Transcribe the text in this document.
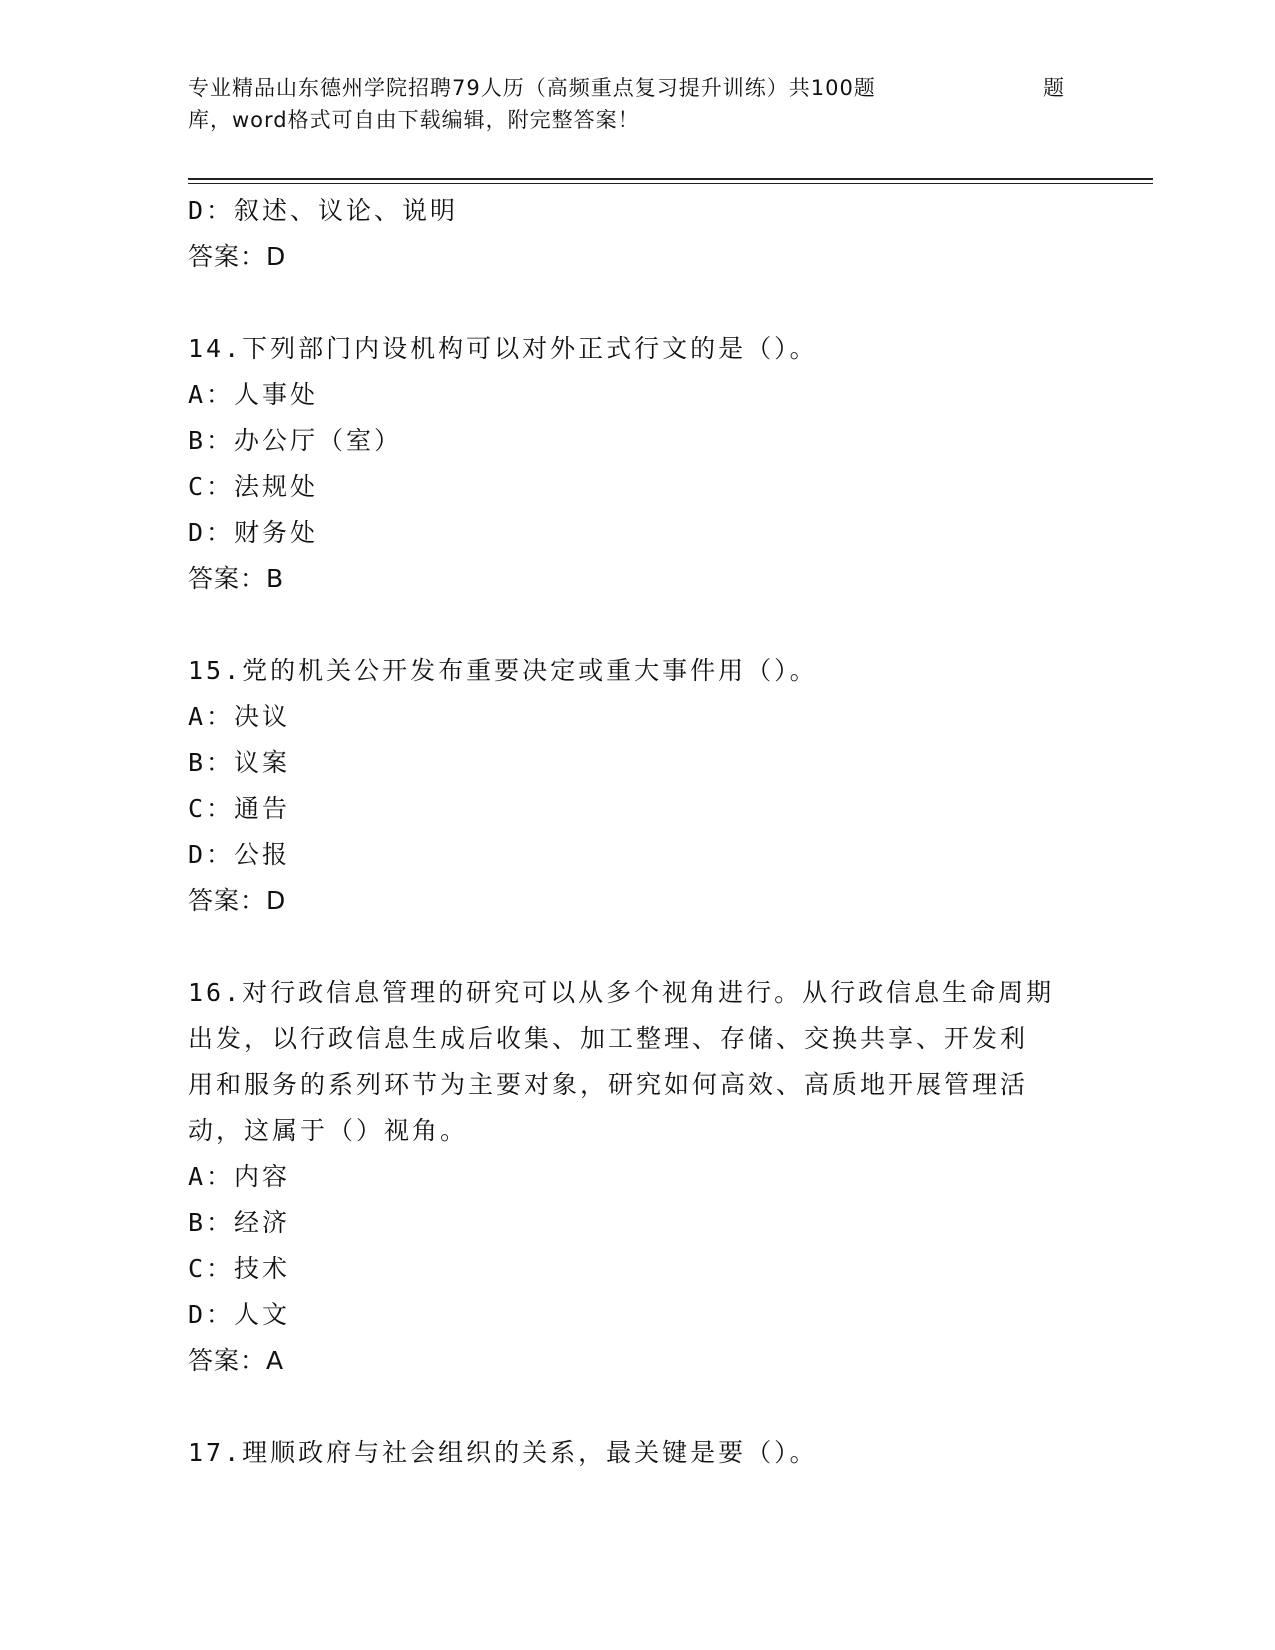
专业精品山东德州学院招聘79人历（高频重点复习提升训练）共100题	题
库，word格式可自由下载编辑，附完整答案！
D：叙述、议论、说明
答案：D
14.下列部门内设机构可以对外正式行文的是（）。
A：人事处
B：办公厅（室）
C：法规处
D：财务处
答案：B
15.党的机关公开发布重要决定或重大事件用（）。
A：决议
B：议案
C：通告
D：公报
答案：D
16.对行政信息管理的研究可以从多个视角进行。从行政信息生命周期
出发，以行政信息生成后收集、加工整理、存储、交换共享、开发利
用和服务的系列环节为主要对象，研究如何高效、高质地开展管理活
动，这属于（）视角。
A：内容
B：经济
C：技术
D：人文
答案：A
17.理顺政府与社会组织的关系，最关键是要（）。
